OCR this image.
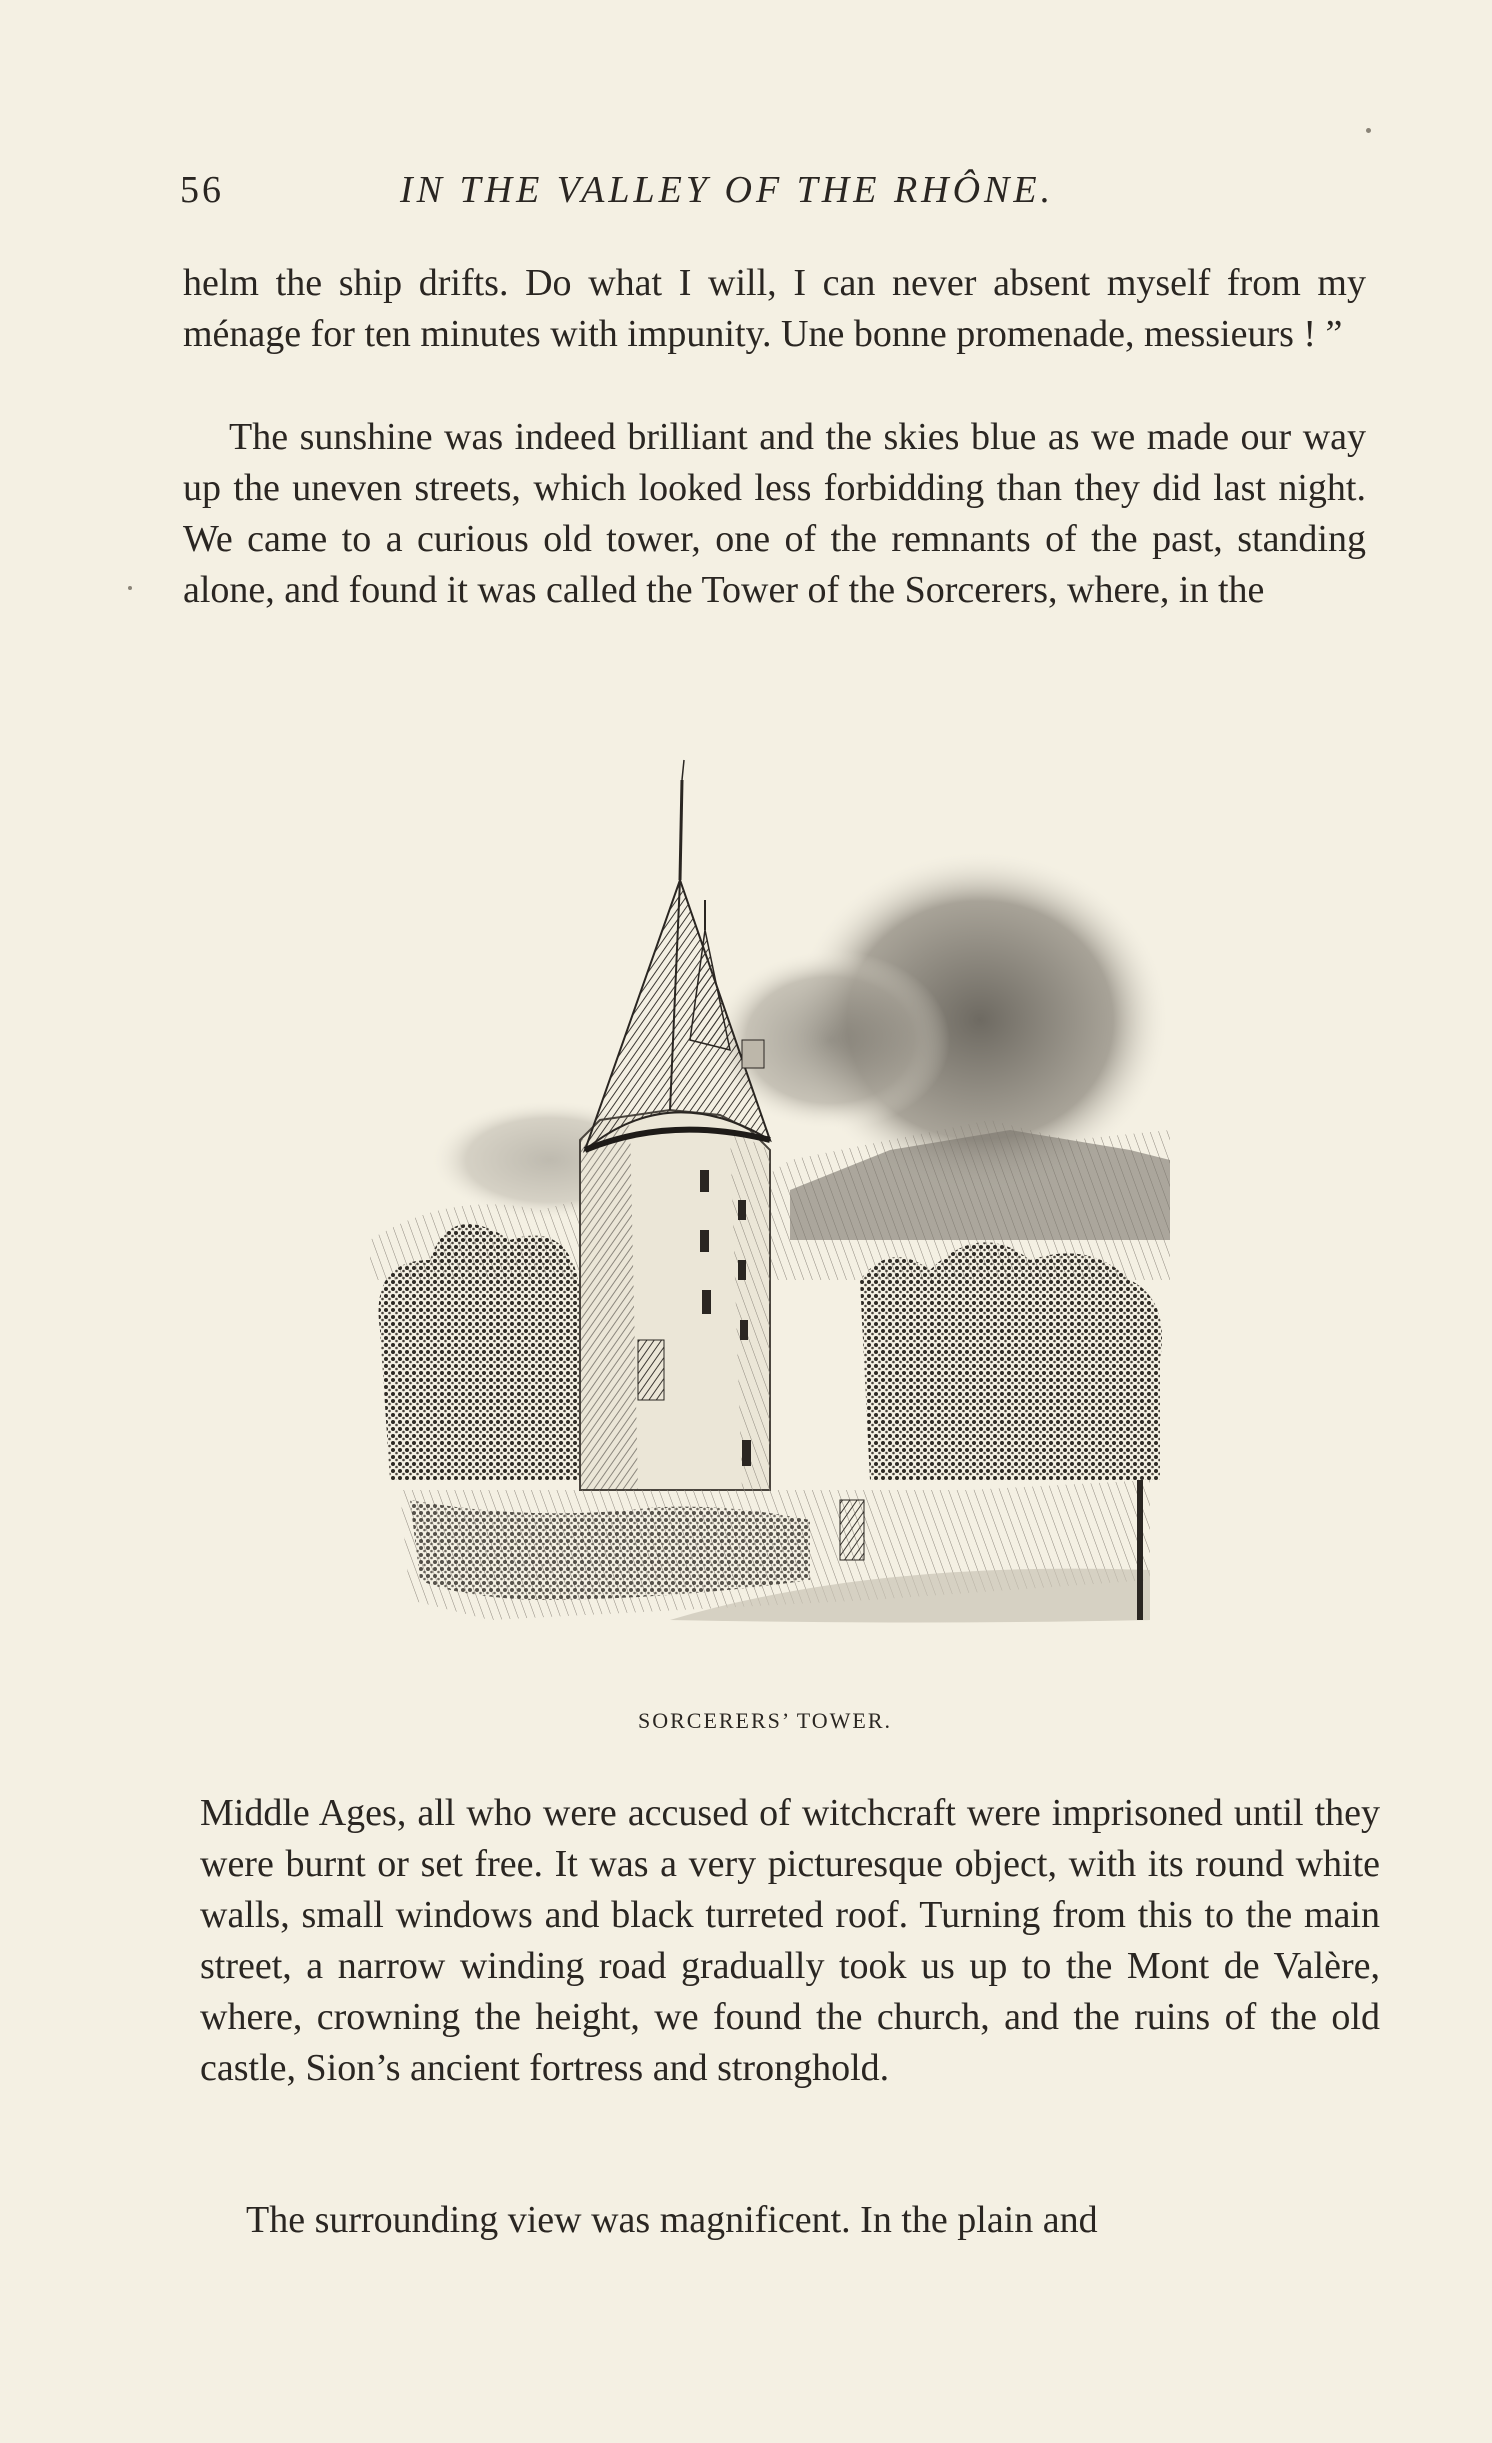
56	IN THE VALLEY OF THE RHÔNE.

helm the ship drifts. Do what I will, I can never absent myself from my ménage for ten minutes with impunity. Une bonne promenade, messieurs ! ”

The sunshine was indeed brilliant and the skies blue as we made our way up the uneven streets, which looked less forbidding than they did last night. We came to a curious old tower, one of the remnants of the past, standing alone, and found it was called the Tower of the Sorcerers, where, in the

SORCERERS’ TOWER.

Middle Ages, all who were accused of witchcraft were imprisoned until they were burnt or set free. It was a very picturesque object, with its round white walls, small windows and black turreted roof. Turning from this to the main street, a narrow winding road gradually took us up to the Mont de Valère, where, crowning the height, we found the church, and the ruins of the old castle, Sion’s ancient fortress and stronghold.

The surrounding view was magnificent. In the plain and
